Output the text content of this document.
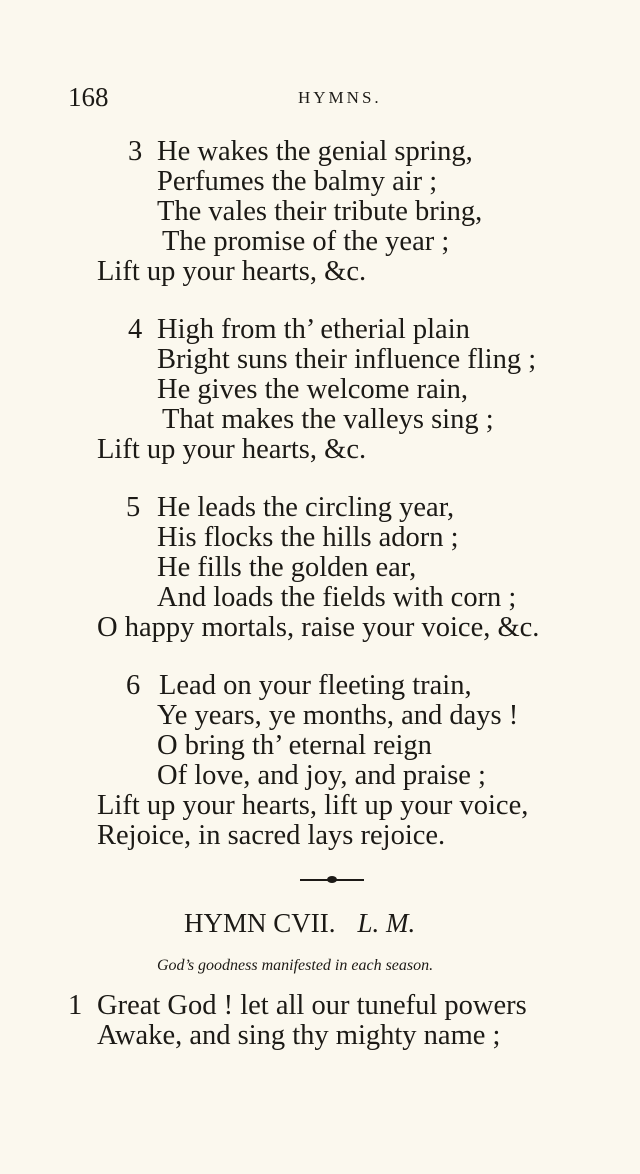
168	HYMNS.
3 He wakes the genial spring,
Perfumes the balmy air ;
The vales their tribute bring,
The promise of the year ;
Lift up your hearts, &c.
4 High from th’ etherial plain
Bright suns their influence fling ;
He gives the welcome rain,
That makes the valleys sing ;
Lift up your hearts, &c.
5 He leads the circling year,
His flocks the hills adorn ;
He fills the golden ear,
And loads the fields with corn ;
O happy mortals, raise your voice, &c.
6 Lead on your fleeting train,
Ye years, ye months, and days !
O bring th’ eternal reign
Of love, and joy, and praise ;
Lift up your hearts, lift up your voice,
Rejoice, in sacred lays rejoice.
HYMN CVII. L. M.
God’s goodness manifested in each season.
1 Great God ! let all our tuneful powers
Awake, and sing thy mighty name ;
